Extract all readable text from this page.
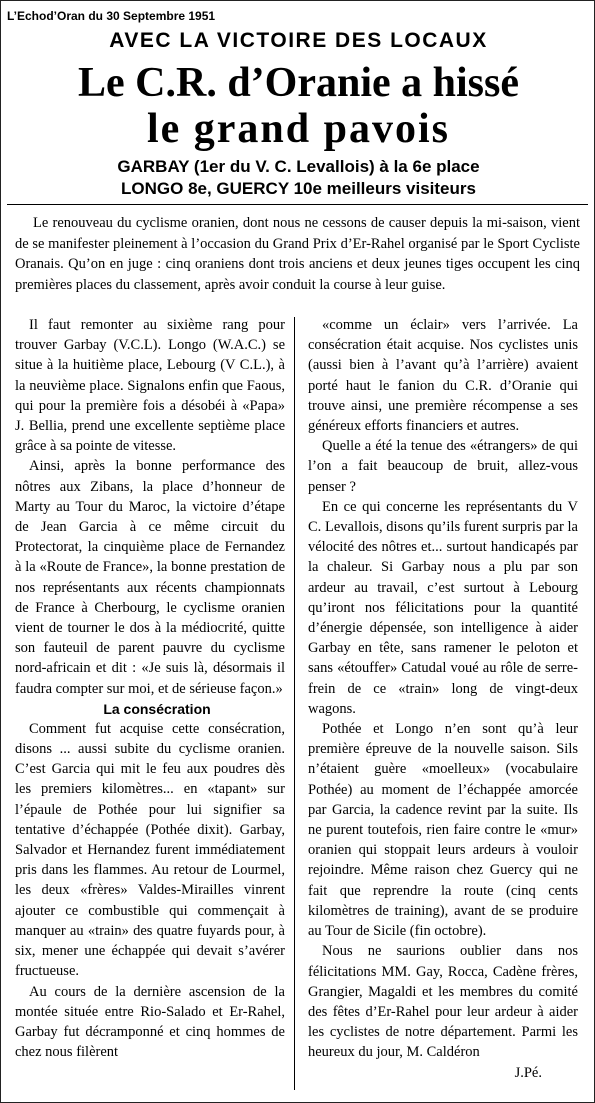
L’Echod’Oran du 30 Septembre 1951
AVEC LA VICTOIRE DES LOCAUX
Le C.R. d’Oranie a hissé
le grand pavois
GARBAY (1er du V. C. Levallois) à la 6e place
LONGO 8e, GUERCY 10e meilleurs visiteurs

Le renouveau du cyclisme oranien, dont nous ne cessons de causer depuis la mi-saison, vient de se manifester pleinement à l’occasion du Grand Prix d’Er-Rahel organisé par le Sport Cycliste Oranais. Qu’on en juge : cinq oraniens dont trois anciens et deux jeunes tiges occupent les cinq premières places du classement, après avoir conduit la course à leur guise.

Il faut remonter au sixième rang pour trouver Garbay (V.C.L). Longo (W.A.C.) se situe à la huitième place, Lebourg (V C.L.), à la neuvième place. Signalons enfin que Faous, qui pour la première fois a désobéi à «Papa» J. Bellia, prend une excellente septième place grâce à sa pointe de vitesse.

Ainsi, après la bonne performance des nôtres aux Zibans, la place d’honneur de Marty au Tour du Maroc, la victoire d’étape de Jean Garcia à ce même circuit du Protectorat, la cinquième place de Fernandez à la «Route de France», la bonne prestation de nos représentants aux récents championnats de France à Cherbourg, le cyclisme oranien vient de tourner le dos à la médiocrité, quitte son fauteuil de parent pauvre du cyclisme nord-africain et dit : «Je suis là, désormais il faudra compter sur moi, et de sérieuse façon.»

La consécration

Comment fut acquise cette consécration, disons ... aussi subite du cyclisme oranien. C’est Garcia qui mit le feu aux poudres dès les premiers kilomètres... en «tapant» sur l’épaule de Pothée pour lui signifier sa tentative d’échappée (Pothée dixit). Garbay, Salvador et Hernandez furent immédiatement pris dans les flammes. Au retour de Lourmel, les deux «frères» Valdes-Mirailles vinrent ajouter ce combustible qui commençait à manquer au «train» des quatre fuyards pour, à six, mener une échappée qui devait s’avérer fructueuse.

Au cours de la dernière ascension de la montée située entre Rio-Salado et Er-Rahel, Garbay fut décramponné et cinq hommes de chez nous filèrent

«comme un éclair» vers l’arrivée. La consécration était acquise. Nos cyclistes unis (aussi bien à l’avant qu’à l’arrière) avaient porté haut le fanion du C.R. d’Oranie qui trouve ainsi, une première récompense a ses généreux efforts financiers et autres.

Quelle a été la tenue des «étrangers» de qui l’on a fait beaucoup de bruit, allez-vous penser ?

En ce qui concerne les représentants du V C. Levallois, disons qu’ils furent surpris par la vélocité des nôtres et... surtout handicapés par la chaleur. Si Garbay nous a plu par son ardeur au travail, c’est surtout à Lebourg qu’iront nos félicitations pour la quantité d’énergie dépensée, son intelligence à aider Garbay en tête, sans ramener le peloton et sans «étouffer» Catudal voué au rôle de serre-frein de ce «train» long de vingt-deux wagons.

Pothée et Longo n’en sont qu’à leur première épreuve de la nouvelle saison. Sils n’étaient guère «moelleux» (vocabulaire Pothée) au moment de l’échappée amorcée par Garcia, la cadence revint par la suite. Ils ne purent toutefois, rien faire contre le «mur» oranien qui stoppait leurs ardeurs à vouloir rejoindre. Même raison chez Guercy qui ne fait que reprendre la route (cinq cents kilomètres de training), avant de se produire au Tour de Sicile (fin octobre).

Nous ne saurions oublier dans nos félicitations MM. Gay, Rocca, Cadène frères, Grangier, Magaldi et les membres du comité des fêtes d’Er-Rahel pour leur ardeur à aider les cyclistes de notre département. Parmi les heureux du jour, M. Caldéron

J.Pé.
